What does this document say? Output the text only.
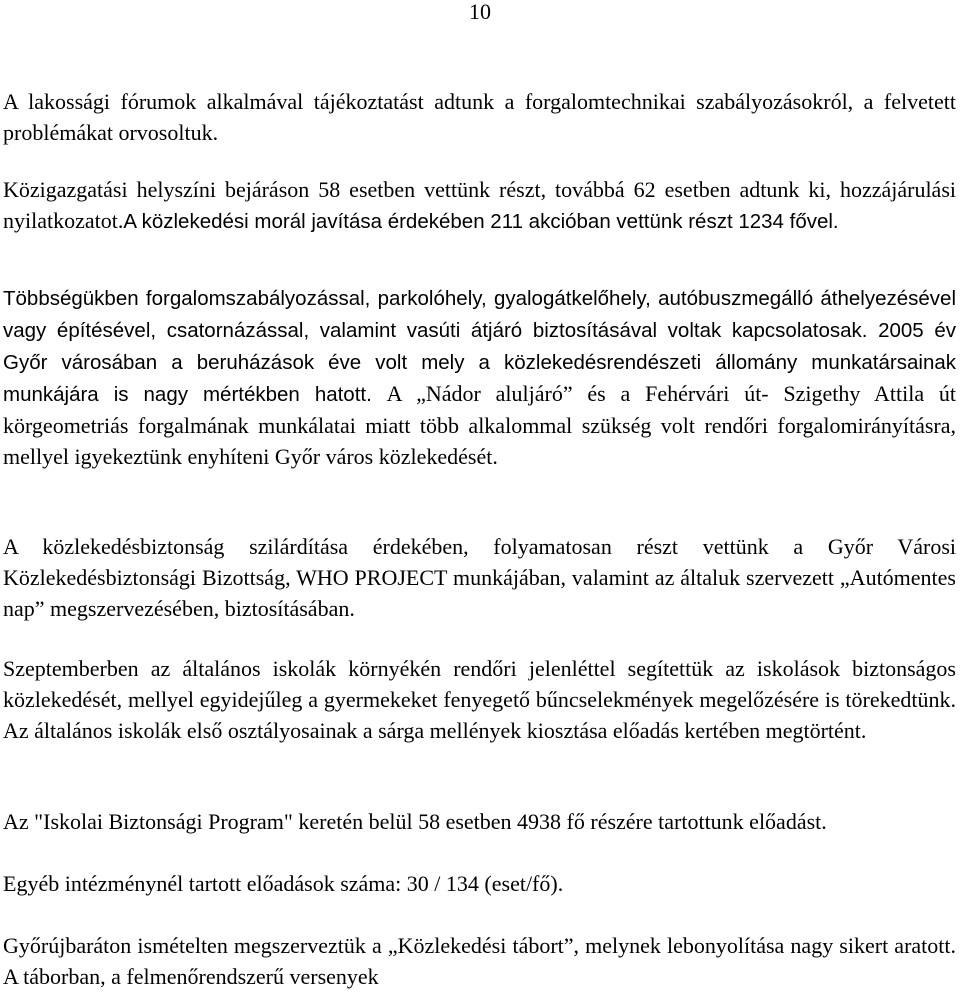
10

A lakossági fórumok alkalmával tájékoztatást adtunk a forgalomtechnikai szabályozásokról, a felvetett problémákat orvosoltuk.

Közigazgatási helyszíni bejáráson 58 esetben vettünk részt, továbbá 62 esetben adtunk ki, hozzájárulási nyilatkozatot.A közlekedési morál javítása érdekében 211 akcióban vettünk részt 1234 fővel.

Többségükben forgalomszabályozással, parkolóhely, gyalogátkelőhely, autóbuszmegálló áthelyezésével vagy építésével, csatornázással, valamint vasúti átjáró biztosításával voltak kapcsolatosak. 2005 év Győr városában a beruházások éve volt mely a közlekedésrendészeti állomány munkatársainak munkájára is nagy mértékben hatott. A „Nádor aluljáró” és a Fehérvári út- Szigethy Attila út körgeometriás forgalmának munkálatai miatt több alkalommal szükség volt rendőri forgalomirányításra, mellyel igyekeztünk enyhíteni Győr város közlekedését.

A közlekedésbiztonság szilárdítása érdekében, folyamatosan részt vettünk a Győr Városi Közlekedésbiztonsági Bizottság, WHO PROJECT munkájában, valamint az általuk szervezett „Autómentes nap” megszervezésében, biztosításában.

Szeptemberben az általános iskolák környékén rendőri jelenléttel segítettük az iskolások biztonságos közlekedését, mellyel egyidejűleg a gyermekeket fenyegető bűncselekmények megelőzésére is törekedtünk. Az általános iskolák első osztályosainak a sárga mellények kiosztása előadás kertében megtörtént.

Az "Iskolai Biztonsági Program" keretén belül 58 esetben 4938 fő részére tartottunk előadást.

Egyéb intézménynél tartott előadások száma: 30 / 134 (eset/fő).

Győrújbaráton ismételten megszerveztük a „Közlekedési tábort”, melynek lebonyolítása nagy sikert aratott. A táborban, a felmenőrendszerű versenyek
